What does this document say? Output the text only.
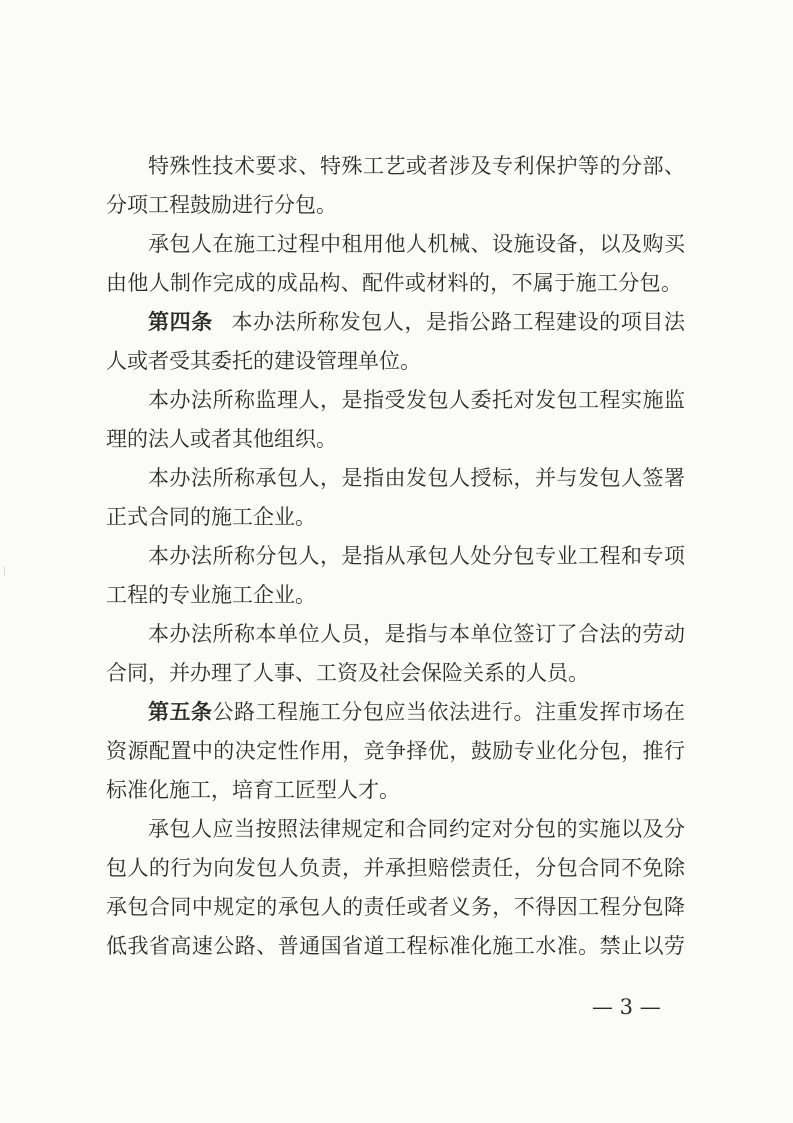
特殊性技术要求、特殊工艺或者涉及专利保护等的分部、
分项工程鼓励进行分包。
承包人在施工过程中租用他人机械、设施设备，以及购买
由他人制作完成的成品构、配件或材料的，不属于施工分包。
第四条 本办法所称发包人，是指公路工程建设的项目法
人或者受其委托的建设管理单位。
本办法所称监理人，是指受发包人委托对发包工程实施监
理的法人或者其他组织。
本办法所称承包人，是指由发包人授标，并与发包人签署
正式合同的施工企业。
本办法所称分包人，是指从承包人处分包专业工程和专项
工程的专业施工企业。
本办法所称本单位人员，是指与本单位签订了合法的劳动
合同，并办理了人事、工资及社会保险关系的人员。
第五条公路工程施工分包应当依法进行。注重发挥市场在
资源配置中的决定性作用，竞争择优，鼓励专业化分包，推行
标准化施工，培育工匠型人才。
承包人应当按照法律规定和合同约定对分包的实施以及分
包人的行为向发包人负责，并承担赔偿责任，分包合同不免除
承包合同中规定的承包人的责任或者义务，不得因工程分包降
低我省高速公路、普通国省道工程标准化施工水准。禁止以劳
— 3 —
